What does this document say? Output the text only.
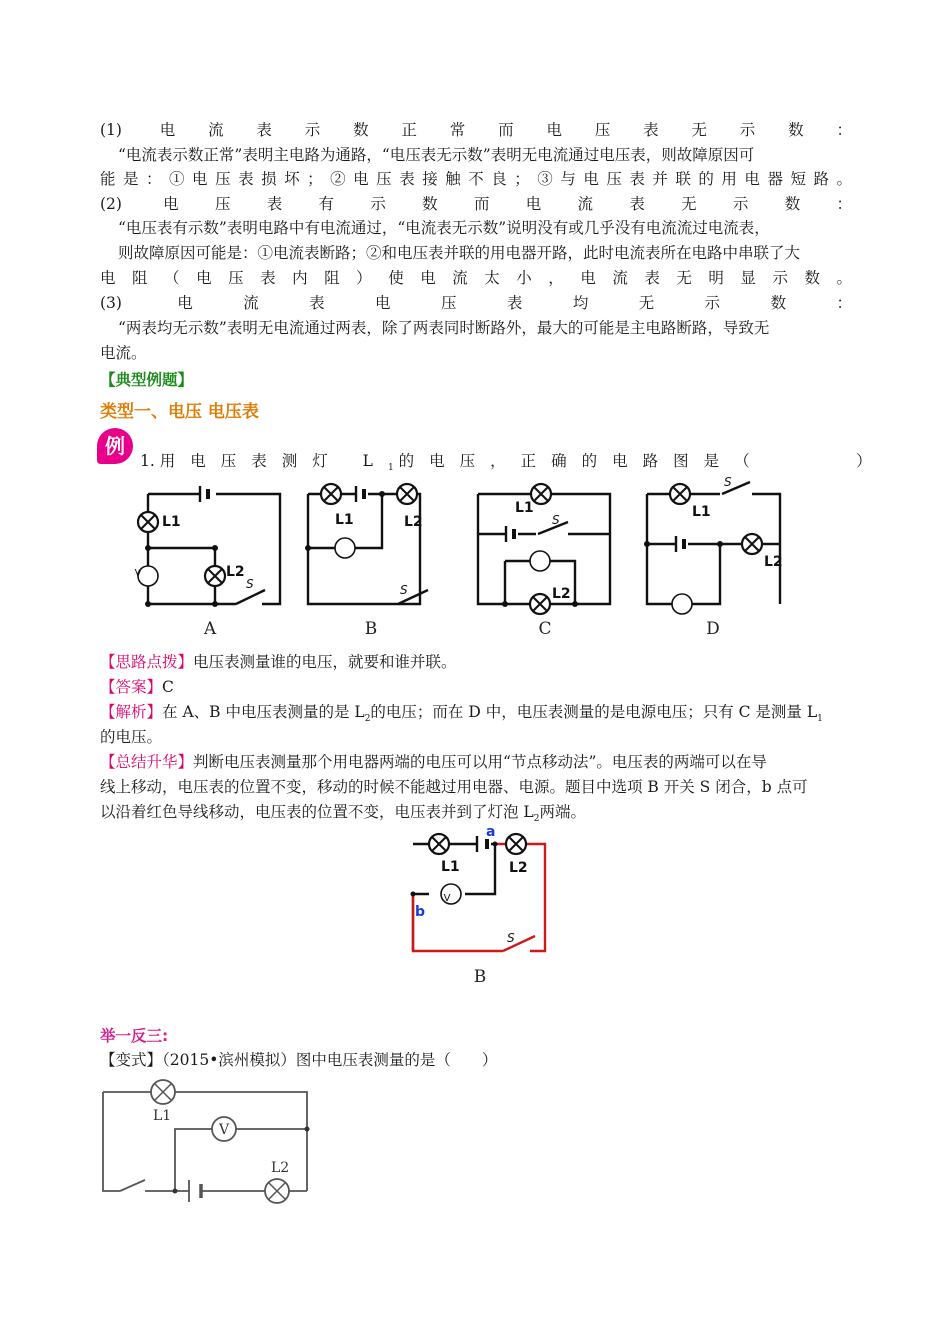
(1) 电流表示数正常而电压表无示数：
“电流表示数正常”表明主电路为通路，“电压表无示数”表明无电流通过电压表，则故障原因可
能是：①电压表损坏；②电压表接触不良；③与电压表并联的用电器短路。
(2) 电压表有示数而电流表无示数：
“电压表有示数”表明电路中有电流通过，“电流表无示数”说明没有或几乎没有电流流过电流表，
则故障原因可能是：①电流表断路；②和电压表并联的用电器开路，此时电流表所在电路中串联了大
电阻（电压表内阻）使电流太小，电流表无明显示数。
(3) 电流表电压表均无示数：
“两表均无示数”表明无电流通过两表，除了两表同时断路外，最大的可能是主电路断路，导致无
电流。
【典型例题】
类型一、电压 电压表
例
1. 用电压表测灯 $L_1$ 的电压，正确的电路图是（　　　）
V
L1
L2
S
L1	L2
S
L1
S
L2
L1
S
L2
A	B	C	D
【思路点拨】电压表测量谁的电压，就要和谁并联。
【答案】C
【解析】在 A、B 中电压表测量的是 $L_2$的电压；而在 D 中，电压表测量的是电源电压；只有 C 是测量 $L_1$
的电压。
【总结升华】判断电压表测量那个用电器两端的电压可以用“节点移动法”。电压表的两端可以在导
线上移动，电压表的位置不变，移动的时候不能越过用电器、电源。题目中选项 B 开关 S 闭合，b 点可
以沿着红色导线移动，电压表的位置不变，电压表并到了灯泡 $L_2$两端。
V
L1	L2
S
a
b
B
举一反三:
【变式】（2015•滨州模拟）图中电压表测量的是（　　）
V
L1
L2
